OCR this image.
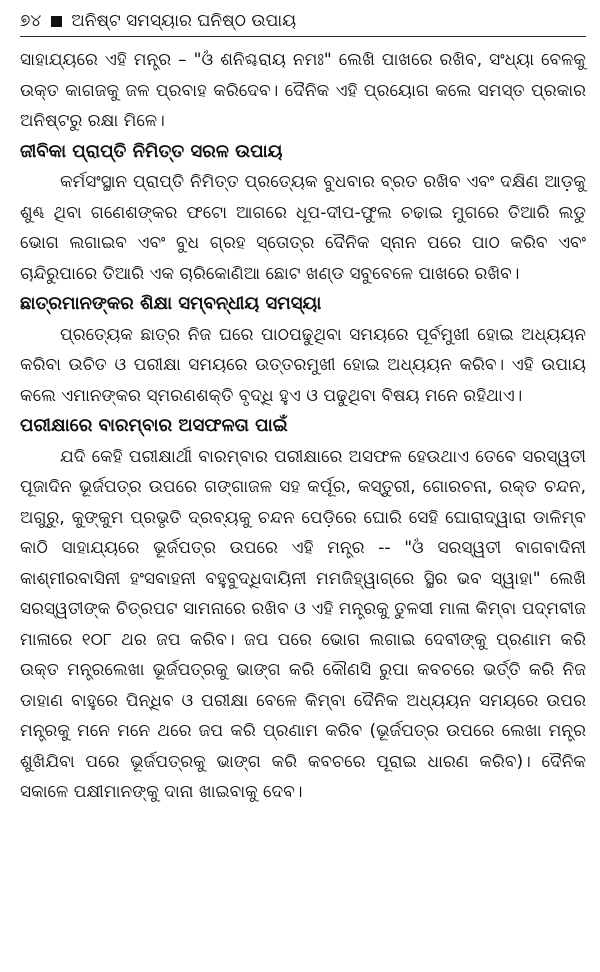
୭୪ ଅନିଷ୍ଟ ସମସ୍ୟାର ଘନିଷ୍ଠ ଉପାୟ

ସାହାଯ୍ୟରେ ଏହି ମନ୍ତ୍ର – "ଓଁ ଶନିଶ୍ଚରାୟ ନମଃ" ଲେଖି ପାଖରେ ରଖିବ, ସଂଧ୍ୟା ବେଳକୁ ଉକ୍ତ କାଗଜକୁ ଜଳ ପ୍ରବାହ କରିଦେବ। ଦୈନିକ ଏହି ପ୍ରୟୋଗ କଲେ ସମସ୍ତ ପ୍ରକାର ଅନିଷ୍ଟରୁ ରକ୍ଷା ମିଳେ।

ଜୀବିକା ପ୍ରାପ୍ତି ନିମିତ୍ତ ସରଳ ଉପାୟ

କର୍ମସଂସ୍ଥାନ ପ୍ରାପ୍ତି ନିମିତ୍ତ ପ୍ରତ୍ୟେକ ବୁଧବାର ବ୍ରତ ରଖିବ ଏବଂ ଦକ୍ଷିଣ ଆଡ଼କୁ ଶୁଣ୍ଢ ଥିବା ଗଣେଶଙ୍କର ଫଟୋ ଆଗରେ ଧୂପ-ଦୀପ-ଫୁଲ ଚଢାଇ ମୁଗରେ ତିଆରି ଲଡୁ ଭୋଗ ଲଗାଇବ ଏବଂ ବୁଧ ଗ୍ରହ ସ୍ତୋତ୍ର ଦୈନିକ ସ୍ନାନ ପରେ ପାଠ କରିବ ଏବଂ ଚାନ୍ଦିରୁପାରେ ତିଆରି ଏକ ଚାରିକୋଣିଆ ଛୋଟ ଖଣ୍ଡ ସବୁବେଳେ ପାଖରେ ରଖିବ।

ଛାତ୍ରମାନଙ୍କର ଶିକ୍ଷା ସମ୍ବନ୍ଧୀୟ ସମସ୍ୟା

ପ୍ରତ୍ୟେକ ଛାତ୍ର ନିଜ ଘରେ ପାଠପଢୁଥିବା ସମୟରେ ପୂର୍ବମୁଖୀ ହୋଇ ଅଧ୍ୟୟନ କରିବା ଉଚିତ ଓ ପରୀକ୍ଷା ସମୟରେ ଉତ୍ତରମୁଖୀ ହୋଇ ଅଧ୍ୟୟନ କରିବ। ଏହି ଉପାୟ କଲେ ଏମାନଙ୍କର ସ୍ମରଣଶକ୍ତି ବୃଦ୍ଧି ହୁଏ ଓ ପଢୁଥିବା ବିଷୟ ମନେ ରହିଥାଏ।

ପରୀକ୍ଷାରେ ବାରମ୍ବାର ଅସଫଳତା ପାଇଁ

ଯଦି କେହି ପରୀକ୍ଷାର୍ଥୀ ବାରମ୍ବାର ପରୀକ୍ଷାରେ ଅସଫଳ ହେଉଥାଏ ତେବେ ସରସ୍ୱତୀ ପୂଜାଦିନ ଭୂର୍ଜପତ୍ର ଉପରେ ଗଙ୍ଗାଜଳ ସହ କର୍ପୂର, କସ୍ତୁରୀ, ଗୋରଚନା, ରକ୍ତ ଚନ୍ଦନ, ଅଗୁରୁ, କୁଙ୍କୁମ ପ୍ରଭୃତି ଦ୍ରବ୍ୟକୁ ଚନ୍ଦନ ପେଡ଼ିରେ ଘୋରି ସେହି ଘୋରାଦ୍ୱାରା ଡାଳିମ୍ବ କାଠି ସାହାଯ୍ୟରେ ଭୂର୍ଜପତ୍ର ଉପରେ ଏହି ମନ୍ତ୍ର -- "ଓଁ ସରସ୍ୱତୀ ବାଗବାଦିନୀ କାଶ୍ମୀରବାସିନୀ ହଂସବାହନୀ ବହୁବୁଦ୍ଧିଦାୟିନୀ ମମଜିହ୍ୱାଗ୍ରେ ସ୍ଥିର ଭବ ସ୍ୱାହା" ଲେଖି ସରସ୍ୱତୀଙ୍କ ଚିତ୍ରପଟ ସାମନାରେ ରଖିବ ଓ ଏହି ମନ୍ତ୍ରକୁ ତୁଳସୀ ମାଳା କିମ୍ବା ପଦ୍ମବୀଜ ମାଳାରେ ୧୦୮ ଥର ଜପ କରିବ। ଜପ ପରେ ଭୋଗ ଲଗାଇ ଦେବୀଙ୍କୁ ପ୍ରଣାମ କରି ଉକ୍ତ ମନ୍ତ୍ରଲେଖା ଭୂର୍ଜପତ୍ରକୁ ଭାଙ୍ଗ କରି କୌଣସି ରୁପା କବଚରେ ଭର୍ତ୍ତି କରି ନିଜ ଡାହାଣ ବାହୁରେ ପିନ୍ଧିବ ଓ ପରୀକ୍ଷା ବେଳେ କିମ୍ବା ଦୈନିକ ଅଧ୍ୟୟନ ସମୟରେ ଉପର ମନ୍ତ୍ରକୁ ମନେ ମନେ ଥରେ ଜପ କରି ପ୍ରଣାମ କରିବ (ଭୂର୍ଜପତ୍ର ଉପରେ ଲେଖା ମନ୍ତ୍ର ଶୁଖିଯିବା ପରେ ଭୂର୍ଜପତ୍ରକୁ ଭାଙ୍ଗ କରି କବଚରେ ପୂରାଇ ଧାରଣ କରିବ)। ଦୈନିକ ସକାଳେ ପକ୍ଷୀମାନଙ୍କୁ ଦାନା ଖାଇବାକୁ ଦେବ।
